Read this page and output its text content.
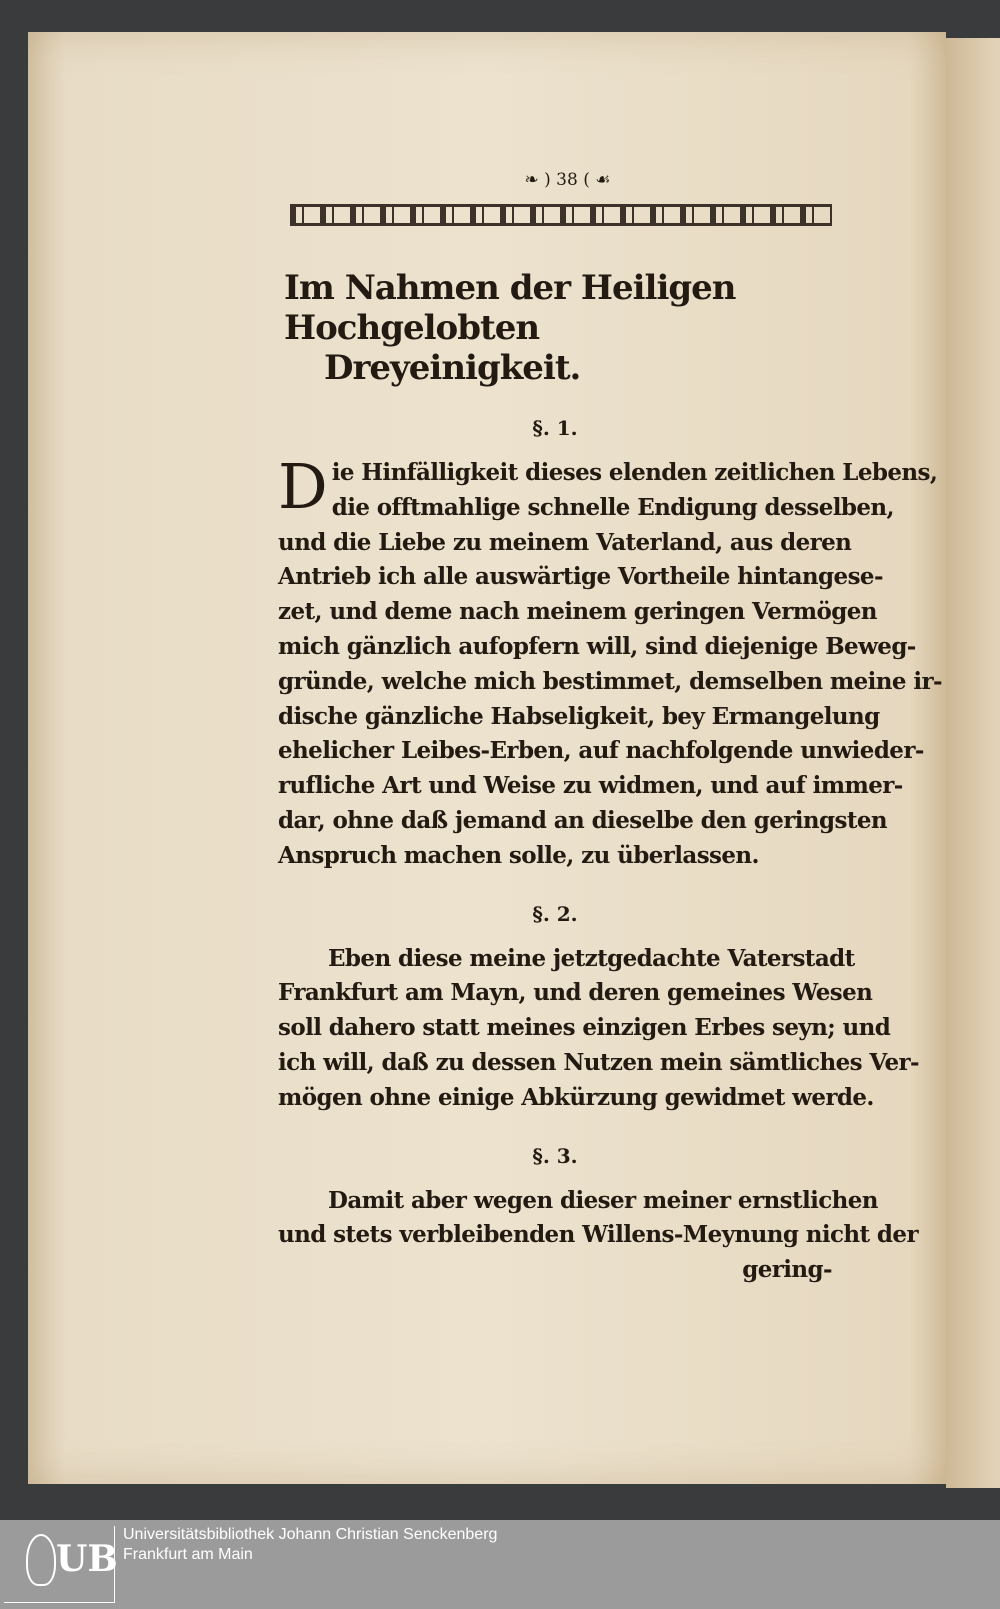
❧ ) 38 ( ☙
Im Nahmen der Heiligen Hochgelobten
Dreyeinigkeit.
§. 1.
D ie Hinfälligkeit dieses elenden zeitlichen Lebens,
die offtmahlige schnelle Endigung desselben,
und die Liebe zu meinem Vaterland, aus deren
Antrieb ich alle auswärtige Vortheile hintangese-
zet, und deme nach meinem geringen Vermögen
mich gänzlich aufopfern will, sind diejenige Beweg-
gründe, welche mich bestimmet, demselben meine ir-
dische gänzliche Habseligkeit, bey Ermangelung
ehelicher Leibes-Erben, auf nachfolgende unwieder-
rufliche Art und Weise zu widmen, und auf immer-
dar, ohne daß jemand an dieselbe den geringsten
Anspruch machen solle, zu überlassen.
§. 2.
Eben diese meine jetztgedachte Vaterstadt
Frankfurt am Mayn, und deren gemeines Wesen
soll dahero statt meines einzigen Erbes seyn; und
ich will, daß zu dessen Nutzen mein sämtliches Ver-
mögen ohne einige Abkürzung gewidmet werde.
§. 3.
Damit aber wegen dieser meiner ernstlichen
und stets verbleibenden Willens-Meynung nicht der
gering-
UB
Universitätsbibliothek Johann Christian Senckenberg
Frankfurt am Main
